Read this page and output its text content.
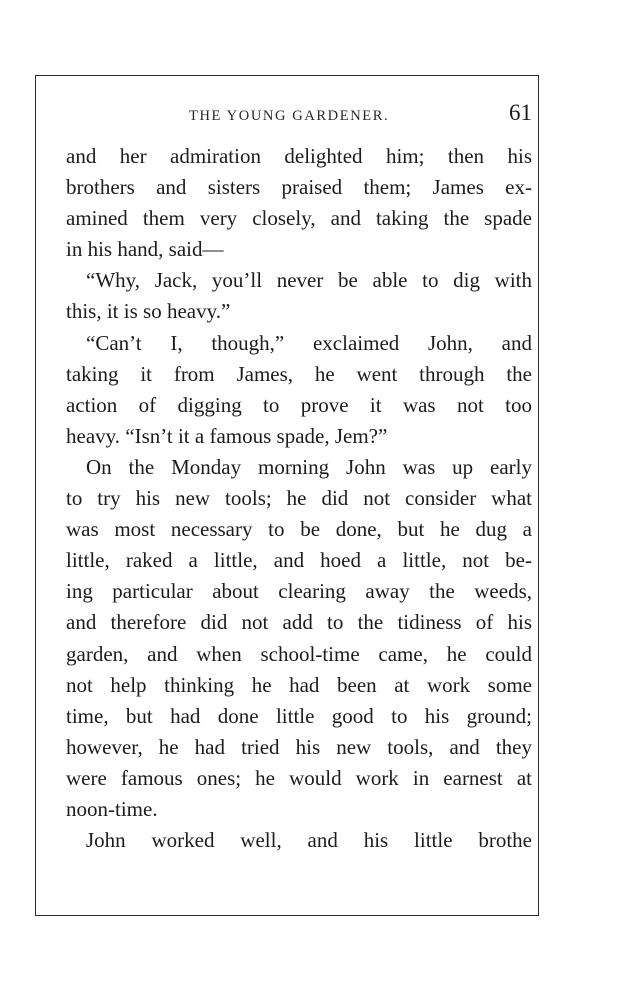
THE YOUNG GARDENER.	61
and her admiration delighted him; then his
brothers and sisters praised them; James ex-
amined them very closely, and taking the spade
in his hand, said—
“Why, Jack, you’ll never be able to dig with
this, it is so heavy.”
“Can’t I, though,” exclaimed John, and
taking it from James, he went through the
action of digging to prove it was not too
heavy. “Isn’t it a famous spade, Jem?”
On the Monday morning John was up early
to try his new tools; he did not consider what
was most necessary to be done, but he dug a
little, raked a little, and hoed a little, not be-
ing particular about clearing away the weeds,
and therefore did not add to the tidiness of his
garden, and when school-time came, he could
not help thinking he had been at work some
time, but had done little good to his ground;
however, he had tried his new tools, and they
were famous ones; he would work in earnest at
noon-time.
John worked well, and his little brothe
